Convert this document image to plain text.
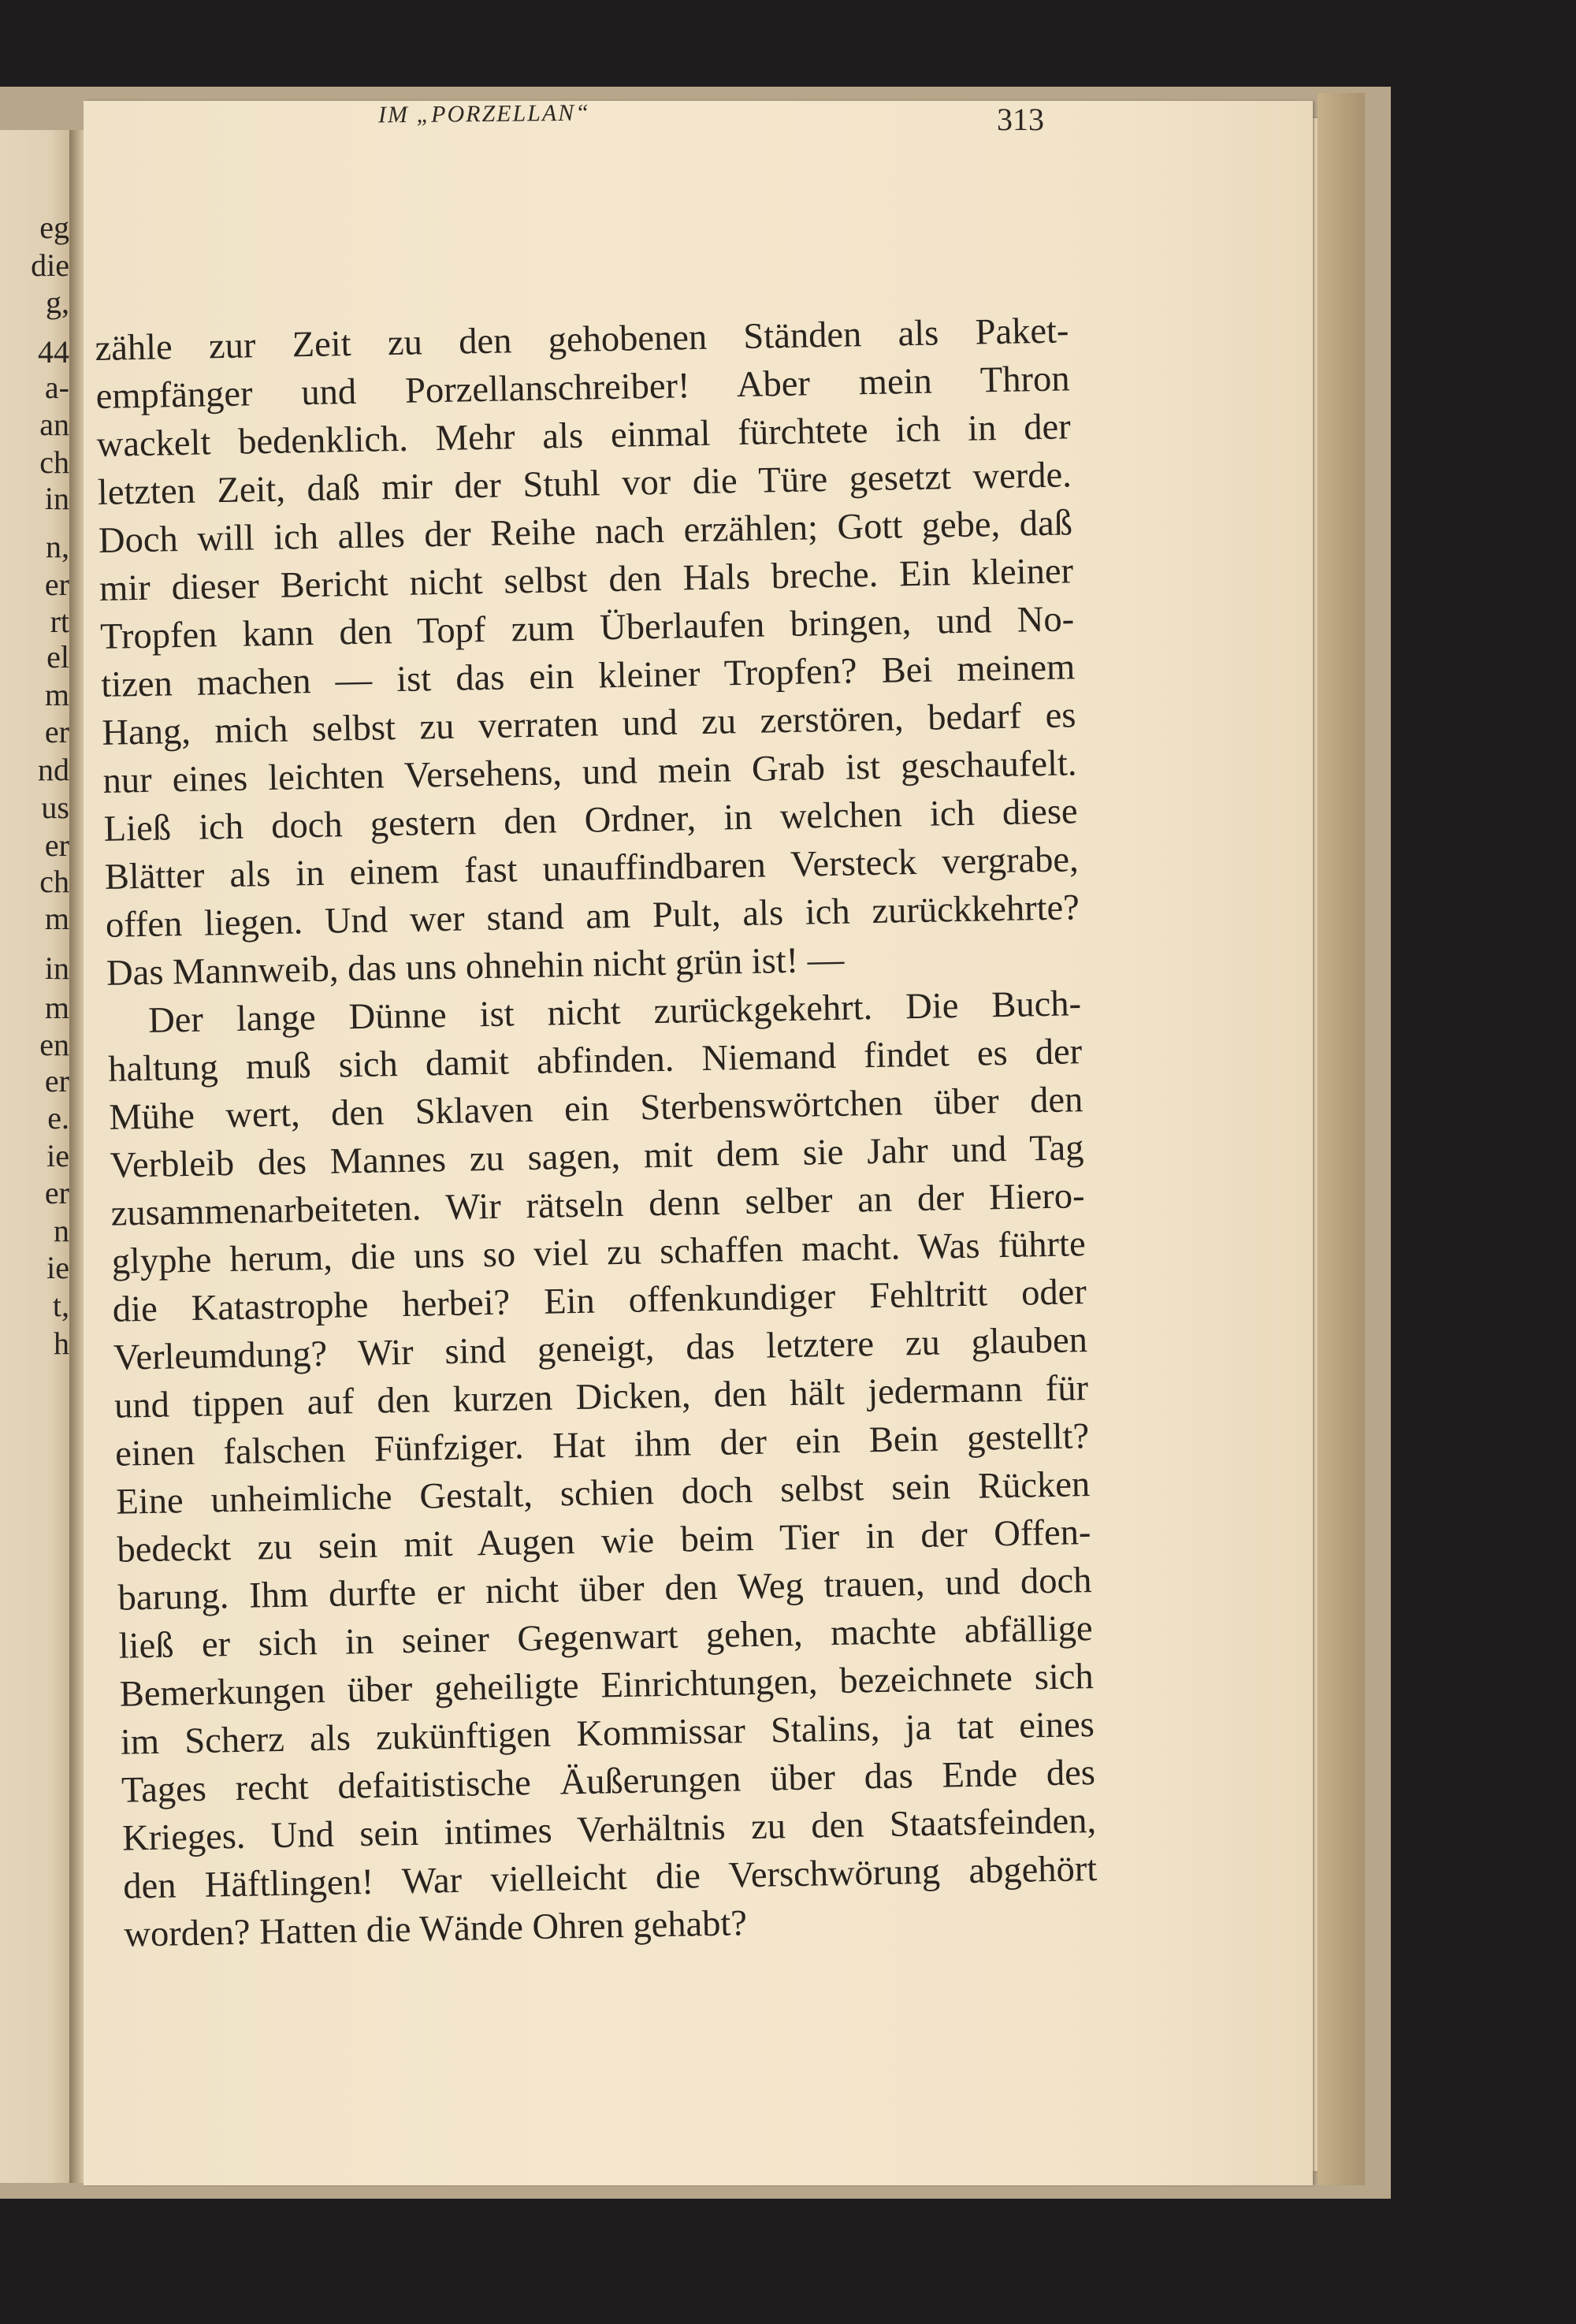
eg
die
g,
44
a-
an
ch
in
n,
er
rt
el
m
er
nd
us
er
ch
m
in
m
en
er
e.
ie
er
n
ie
t,
h
IM „PORZELLAN“	313
zähle zur Zeit zu den gehobenen Ständen als Paket-
empfänger und Porzellanschreiber! Aber mein Thron
wackelt bedenklich. Mehr als einmal fürchtete ich in der
letzten Zeit, daß mir der Stuhl vor die Türe gesetzt werde.
Doch will ich alles der Reihe nach erzählen; Gott gebe, daß
mir dieser Bericht nicht selbst den Hals breche. Ein kleiner
Tropfen kann den Topf zum Überlaufen bringen, und No-
tizen machen — ist das ein kleiner Tropfen? Bei meinem
Hang, mich selbst zu verraten und zu zerstören, bedarf es
nur eines leichten Versehens, und mein Grab ist geschaufelt.
Ließ ich doch gestern den Ordner, in welchen ich diese
Blätter als in einem fast unauffindbaren Versteck vergrabe,
offen liegen. Und wer stand am Pult, als ich zurückkehrte?
Das Mannweib, das uns ohnehin nicht grün ist! —
Der lange Dünne ist nicht zurückgekehrt. Die Buch-
haltung muß sich damit abfinden. Niemand findet es der
Mühe wert, den Sklaven ein Sterbenswörtchen über den
Verbleib des Mannes zu sagen, mit dem sie Jahr und Tag
zusammenarbeiteten. Wir rätseln denn selber an der Hiero-
glyphe herum, die uns so viel zu schaffen macht. Was führte
die Katastrophe herbei? Ein offenkundiger Fehltritt oder
Verleumdung? Wir sind geneigt, das letztere zu glauben
und tippen auf den kurzen Dicken, den hält jedermann für
einen falschen Fünfziger. Hat ihm der ein Bein gestellt?
Eine unheimliche Gestalt, schien doch selbst sein Rücken
bedeckt zu sein mit Augen wie beim Tier in der Offen-
barung. Ihm durfte er nicht über den Weg trauen, und doch
ließ er sich in seiner Gegenwart gehen, machte abfällige
Bemerkungen über geheiligte Einrichtungen, bezeichnete sich
im Scherz als zukünftigen Kommissar Stalins, ja tat eines
Tages recht defaitistische Äußerungen über das Ende des
Krieges. Und sein intimes Verhältnis zu den Staatsfeinden,
den Häftlingen! War vielleicht die Verschwörung abgehört
worden? Hatten die Wände Ohren gehabt?
